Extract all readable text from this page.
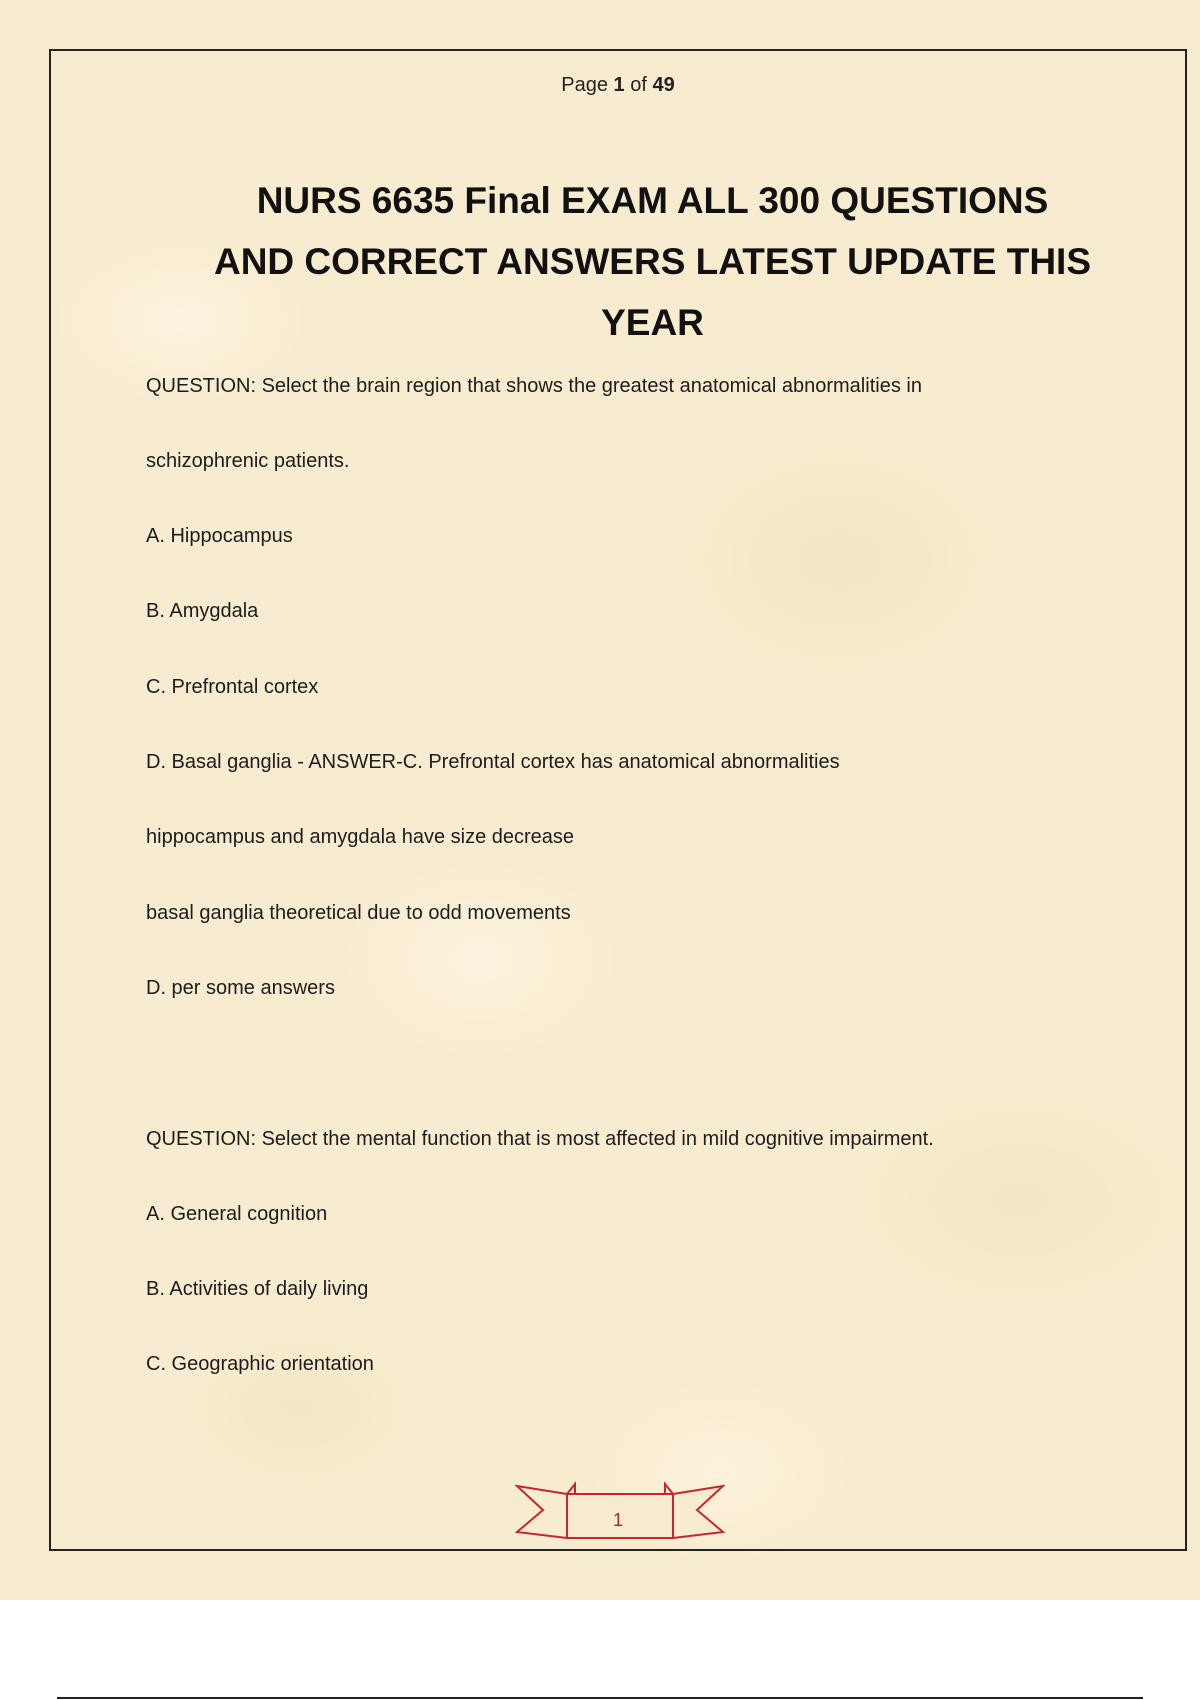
Page 1 of 49
NURS 6635 Final EXAM ALL 300 QUESTIONS
AND CORRECT ANSWERS LATEST UPDATE THIS
YEAR
QUESTION: Select the brain region that shows the greatest anatomical abnormalities in
schizophrenic patients.
A. Hippocampus
B. Amygdala
C. Prefrontal cortex
D. Basal ganglia - ANSWER-C. Prefrontal cortex has anatomical abnormalities
hippocampus and amygdala have size decrease
basal ganglia theoretical due to odd movements
D. per some answers
QUESTION: Select the mental function that is most affected in mild cognitive impairment.
A. General cognition
B. Activities of daily living
C. Geographic orientation
1
